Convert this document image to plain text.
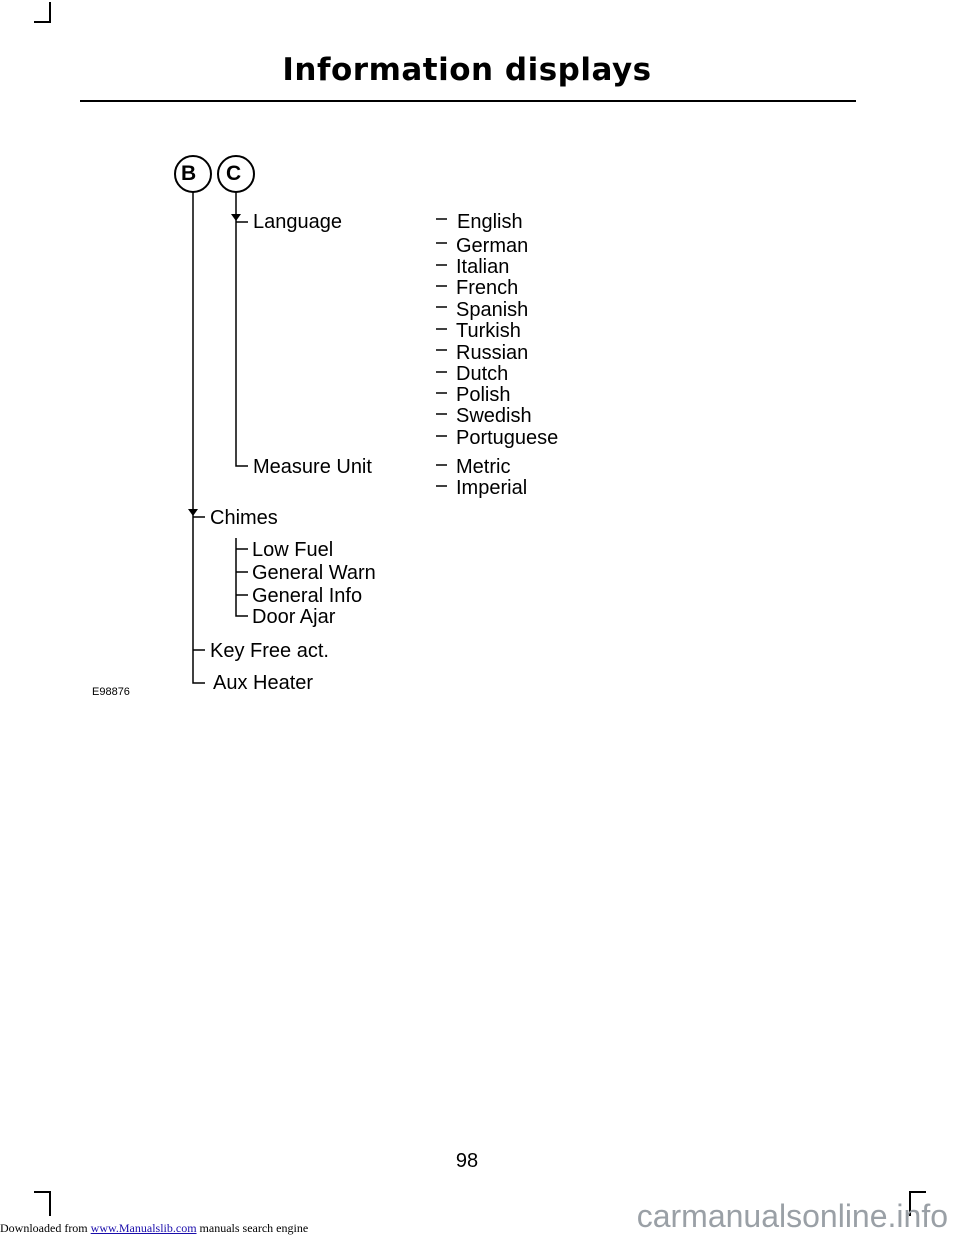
Information displays
B C
Language	English
German
Italian
French
Spanish
Turkish
Russian
Dutch
Polish
Swedish
Portuguese
Measure Unit	Metric
Imperial
Chimes
Low Fuel
General Warn
General Info
Door Ajar
Key Free act.
Aux Heater
E98876
98
Downloaded from www.Manualslib.com manuals search engine	carmanualsonline.info
